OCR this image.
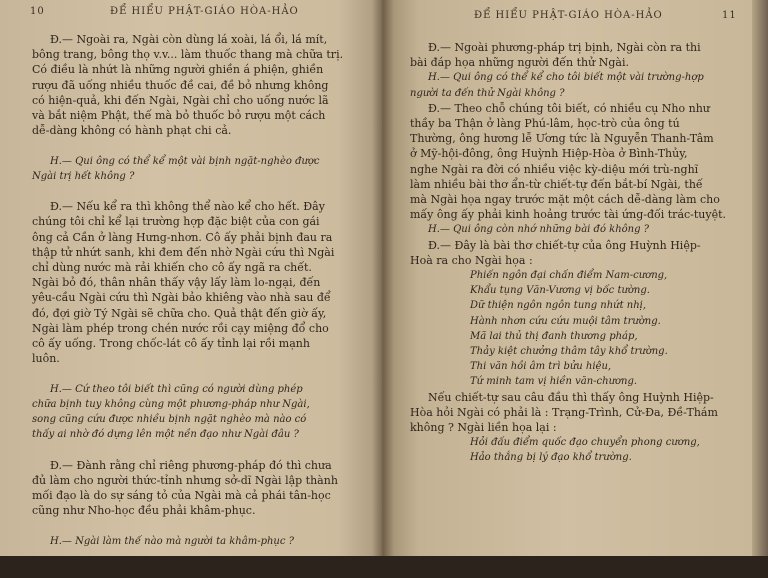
10	ĐỂ HIỂU PHẬT-GIÁO HÒA-HẢO
Đ.— Ngoài ra, Ngài còn dùng lá xoài, lá ổi, lá mít,
bông trang, bông thọ v.v... làm thuốc thang mà chữa trị.
Có điều là nhứt là những người ghiền á phiện, ghiền
rượu đã uống nhiều thuốc đề cai, đề bỏ nhưng không
có hiện-quả, khi đến Ngài, Ngài chỉ cho uống nước lã
và bắt niệm Phật, thế mà bỏ thuốc bỏ rượu một cách
dễ-dàng không có hành phạt chi cả.

H.— Qui ông có thể kể một vài bịnh ngặt-nghèo được
Ngài trị hết không ?

Đ.— Nếu kể ra thì không thể nào kể cho hết. Đây
chúng tôi chỉ kể lại trường hợp đặc biệt của con gái
ông cả Cần ở làng Hưng-nhơn. Cô ấy phải bịnh đau ra
thập tử nhứt sanh, khi đem đến nhờ Ngài cứu thì Ngài
chỉ dùng nước mà rải khiến cho cô ấy ngã ra chết.
Ngài bỏ đó, thân nhân thấy vậy lấy làm lo-ngại, đến
yêu-cầu Ngài cứu thì Ngài bảo khiêng vào nhà sau để
đó, đợi giờ Tý Ngài sẽ chữa cho. Quả thật đến giờ ấy,
Ngài làm phép trong chén nước rồi cạy miệng đổ cho
cô ấy uống. Trong chốc-lát cô ấy tỉnh lại rồi mạnh
luôn.

H.— Cứ theo tôi biết thì cũng có người dùng phép
chữa bịnh tuy không cùng một phương-pháp như Ngài,
song cũng cứu được nhiều bịnh ngặt nghèo mà nào có
thấy ai nhờ đó dựng lên một nền đạo như Ngài đâu ?

Đ.— Đành rằng chỉ riêng phương-pháp đó thì chưa
đủ làm cho người thức-tỉnh nhưng sở-dĩ Ngài lập thành
mối đạo là do sự sáng tỏ của Ngài mà cả phái tân-học
cũng như Nho-học đều phải khâm-phục.

H.— Ngài làm thế nào mà người ta khâm-phục ?
ĐỂ HIỂU PHẬT-GIÁO HÒA-HẢO	11
Đ.— Ngoài phương-pháp trị bịnh, Ngài còn ra thi
bài đáp họa những người đến thử Ngài.
H.— Qui ông có thể kể cho tôi biết một vài trường-hợp
người ta đến thử Ngài không ?
Đ.— Theo chỗ chúng tôi biết, có nhiều cụ Nho như
thầy ba Thận ở làng Phú-lâm, học-trò của ông tú
Thường, ông hương lễ Ương tức là Nguyễn Thanh-Tâm
ở Mỹ-hội-đông, ông Huỳnh Hiệp-Hòa ở Bình-Thủy,
nghe Ngài ra đời có nhiều việc kỳ-diệu mới trù-nghĩ
làm nhiều bài thơ ẩn-từ chiết-tự đến bắt-bí Ngài, thế
mà Ngài họa ngay trước mặt một cách dễ-dàng làm cho
mấy ông ấy phải kinh hoảng trước tài ứng-đối trác-tuyệt.
H.— Qui ông còn nhớ những bài đó không ?
Đ.— Đây là bài thơ chiết-tự của ông Huỳnh Hiệp-
Hoà ra cho Ngài họa :
Phiến ngôn đại chấn điểm Nam-cương,
Khẩu tụng Văn-Vương vị bốc tường.
Dữ thiện ngôn ngôn tung nhứt nhị,
Hành nhơn cứu cứu muội tâm trường.
Mã lai thủ thị đanh thương pháp,
Thảy kiệt chưởng thâm tây khổ trường.
Thi văn hồi âm trì bửu hiệu,
Tứ minh tam vị hiền văn-chương.
Nếu chiết-tự sau câu đầu thì thấy ông Huỳnh Hiệp-
Hòa hỏi Ngài có phải là : Trạng-Trình, Cử-Đa, Đề-Thám
không ? Ngài liền họa lại :
Hỏi đấu điểm quốc đạo chuyển phong cương,
Hảo thắng bị lý đạo khổ trường.
